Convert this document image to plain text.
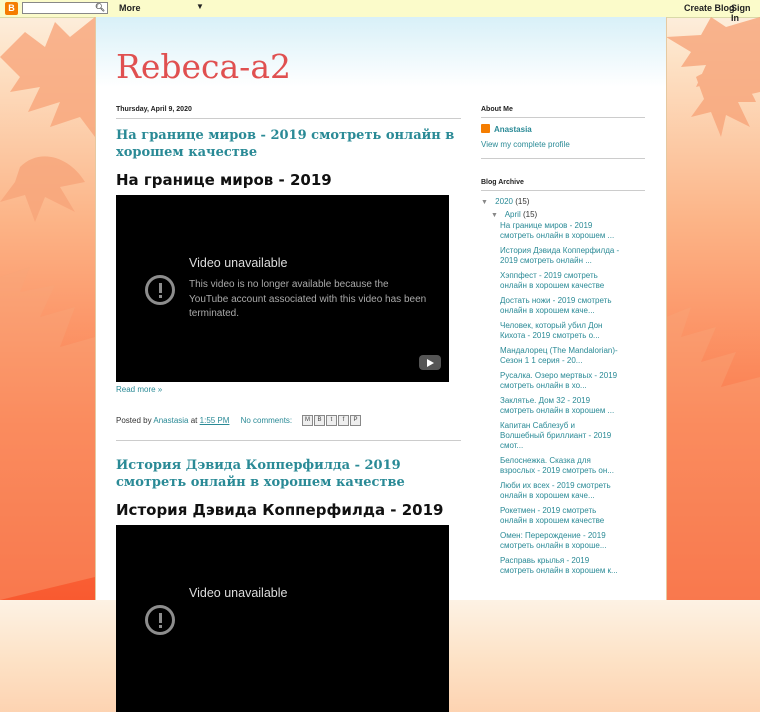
B	🔍︎ More	▼	Create Blog
Sign In
Rebeca-a2
Thursday, April 9, 2020
На границе миров - 2019 смотреть онлайн в хорошем качестве
На границе миров - 2019
Video unavailable
This video is no longer available because the YouTube account associated with this video has been terminated.
Read more »
Posted by Anastasia at 1:55 PM No comments:	M	B	t	f	P
История Дэвида Копперфилда - 2019 смотреть онлайн в хорошем качестве
История Дэвида Копперфилда - 2019
Video unavailable
About Me
Anastasia
View my complete profile
Blog Archive
▼ 2020 (15)
▼ April (15)
На границе миров - 2019 смотреть онлайн в хорошем ...
История Дэвида Копперфилда - 2019 смотреть онлайн ...
Хэппфест - 2019 смотреть онлайн в хорошем качестве
Достать ножи - 2019 смотреть онлайн в хорошем каче...
Человек, который убил Дон Кихота - 2019 смотреть о...
Мандалорец (The Mandalorian)- Сезон 1 1 серия - 20...
Русалка. Озеро мертвых - 2019 смотреть онлайн в хо...
Заклятье. Дом 32 - 2019 смотреть онлайн в хорошем ...
Капитан Саблезуб и Волшебный бриллиант - 2019 смот...
Белоснежка. Сказка для взрослых - 2019 смотреть он...
Люби их всех - 2019 смотреть онлайн в хорошем каче...
Рокетмен - 2019 смотреть онлайн в хорошем качестве
Омен: Перерождение - 2019 смотреть онлайн в хороше...
Расправь крылья - 2019 смотреть онлайн в хорошем к...
